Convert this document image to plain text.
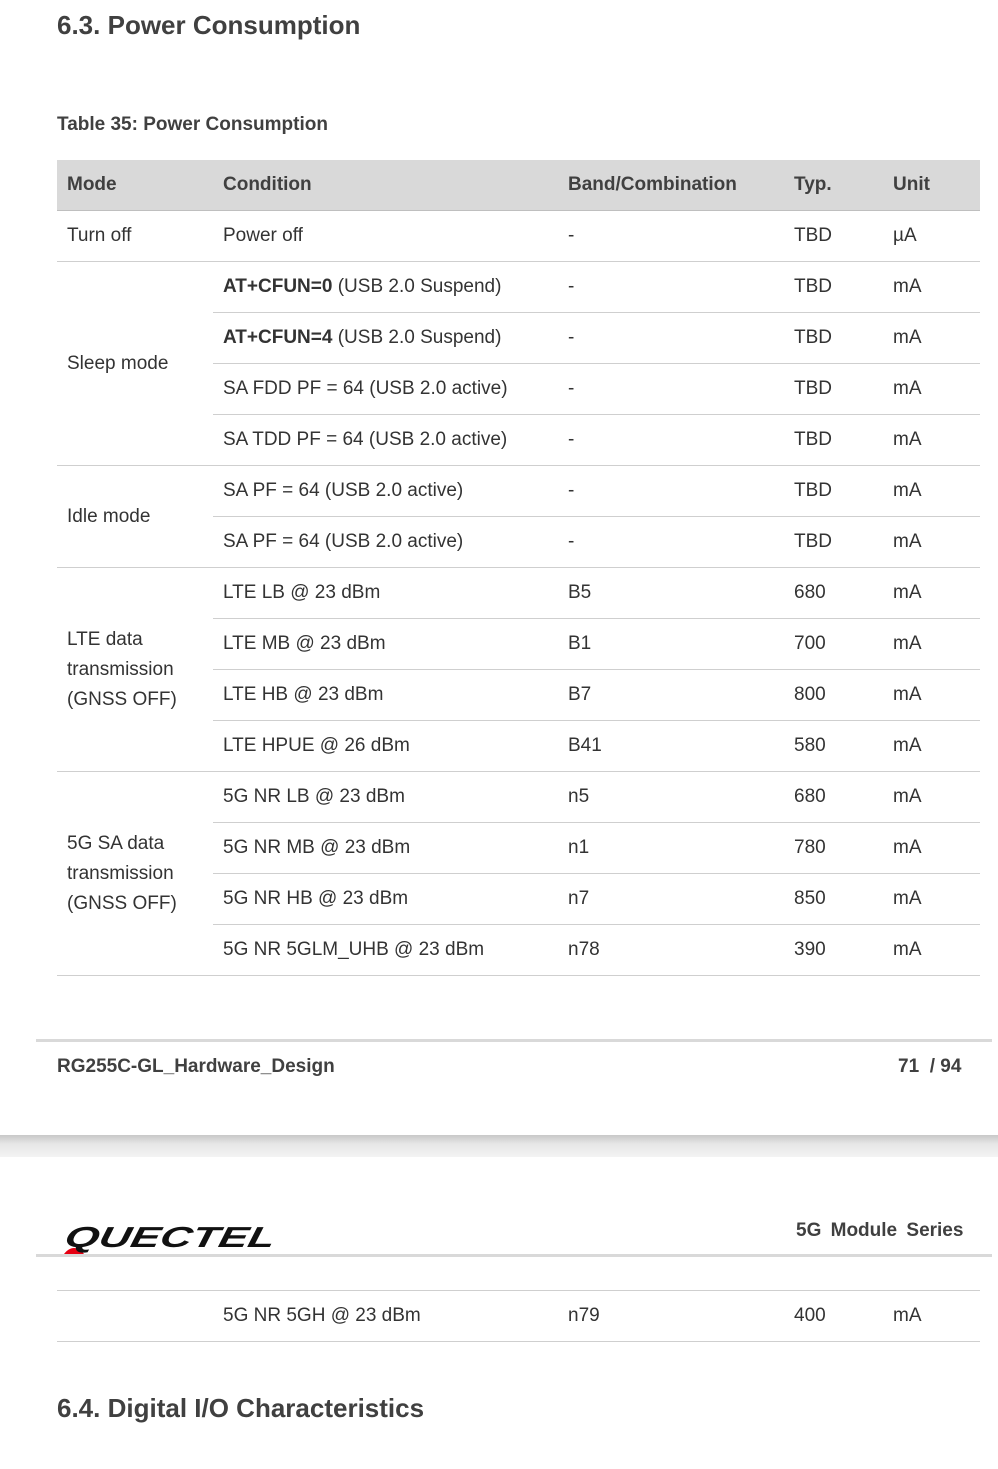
6.3. Power Consumption

Table 35: Power Consumption

Mode	Condition	Band/Combination	Typ.	Unit
Turn off	Power off	-	TBD	µA
Sleep mode	AT+CFUN=0 (USB 2.0 Suspend)	-	TBD	mA
	AT+CFUN=4 (USB 2.0 Suspend)	-	TBD	mA
	SA FDD PF = 64 (USB 2.0 active)	-	TBD	mA
	SA TDD PF = 64 (USB 2.0 active)	-	TBD	mA
Idle mode	SA PF = 64 (USB 2.0 active)	-	TBD	mA
	SA PF = 64 (USB 2.0 active)	-	TBD	mA
LTE data
transmission
(GNSS OFF)	LTE LB @ 23 dBm	B5	680	mA
	LTE MB @ 23 dBm	B1	700	mA
	LTE HB @ 23 dBm	B7	800	mA
	LTE HPUE @ 26 dBm	B41	580	mA
5G SA data
transmission
(GNSS OFF)	5G NR LB @ 23 dBm	n5	680	mA
	5G NR MB @ 23 dBm	n1	780	mA
	5G NR HB @ 23 dBm	n7	850	mA
	5G NR 5GLM_UHB @ 23 dBm	n78	390	mA
RG255C-GL_Hardware_Design	71  / 94
QUECTEL	5G Module Series
	5G NR 5GH @ 23 dBm	n79	400	mA
6.4. Digital I/O Characteristics
